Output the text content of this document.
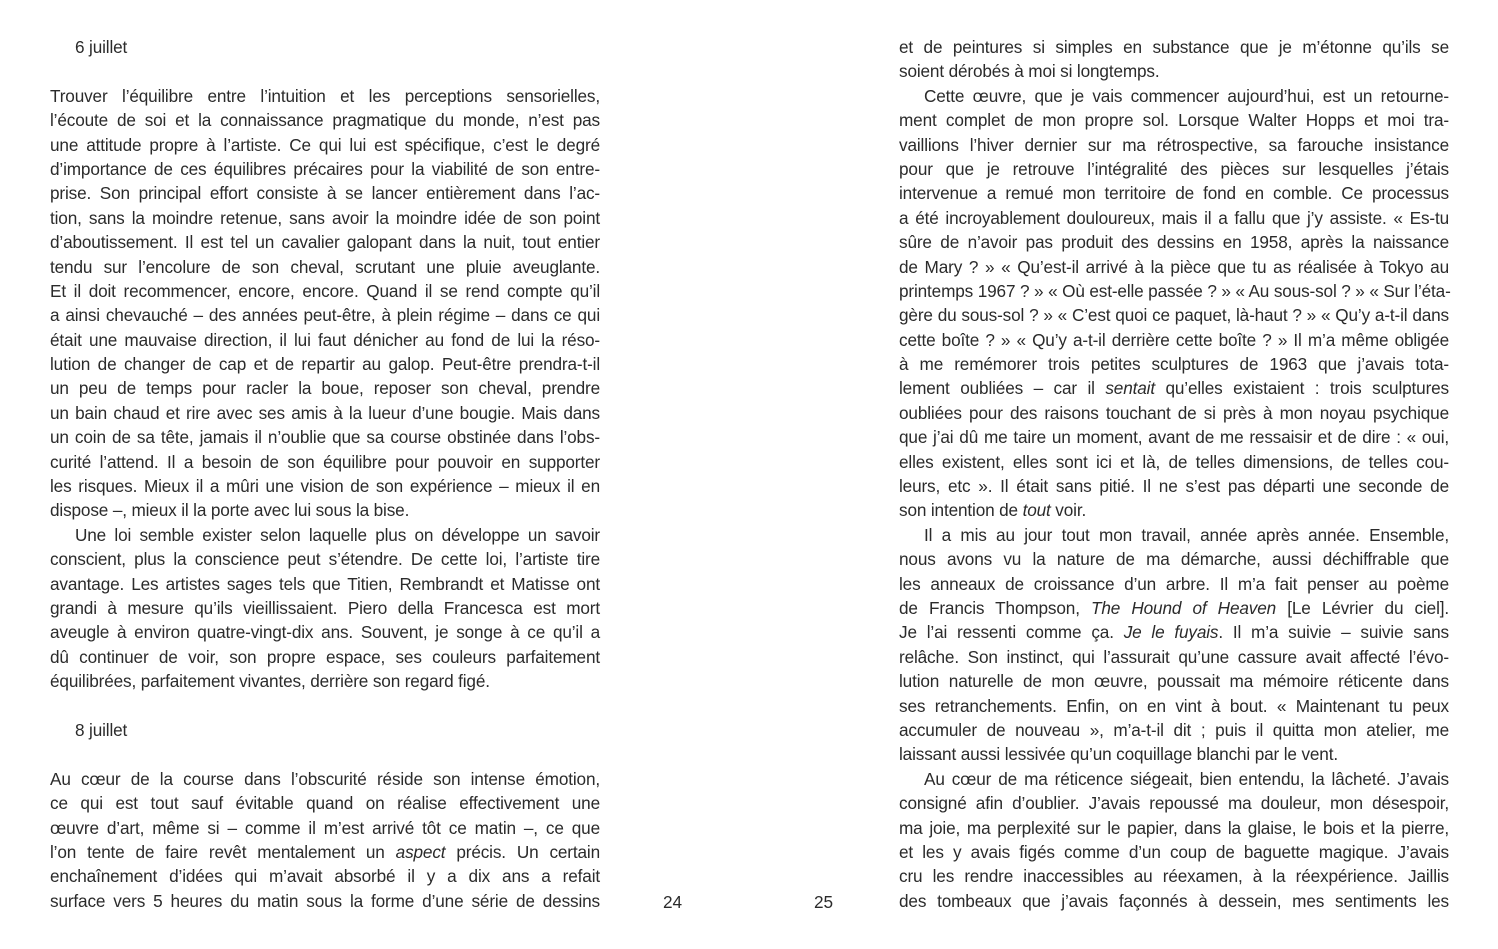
6 juillet
Trouver l’équilibre entre l’intuition et les perceptions sensorielles,
l’écoute de soi et la connaissance pragmatique du monde, n’est pas
une attitude propre à l’artiste. Ce qui lui est spécifique, c’est le degré
d’importance de ces équilibres précaires pour la viabilité de son entre-
prise. Son principal effort consiste à se lancer entièrement dans l’ac-
tion, sans la moindre retenue, sans avoir la moindre idée de son point
d’aboutissement. Il est tel un cavalier galopant dans la nuit, tout entier
tendu sur l’encolure de son cheval, scrutant une pluie aveuglante.
Et il doit recommencer, encore, encore. Quand il se rend compte qu’il
a ainsi chevauché – des années peut-être, à plein régime – dans ce qui
était une mauvaise direction, il lui faut dénicher au fond de lui la réso-
lution de changer de cap et de repartir au galop. Peut-être prendra-t-il
un peu de temps pour racler la boue, reposer son cheval, prendre
un bain chaud et rire avec ses amis à la lueur d’une bougie. Mais dans
un coin de sa tête, jamais il n’oublie que sa course obstinée dans l’obs-
curité l’attend. Il a besoin de son équilibre pour pouvoir en supporter
les risques. Mieux il a mûri une vision de son expérience – mieux il en
dispose –, mieux il la porte avec lui sous la bise.
Une loi semble exister selon laquelle plus on développe un savoir
conscient, plus la conscience peut s’étendre. De cette loi, l’artiste tire
avantage. Les artistes sages tels que Titien, Rembrandt et Matisse ont
grandi à mesure qu’ils vieillissaient. Piero della Francesca est mort
aveugle à environ quatre-vingt-dix ans. Souvent, je songe à ce qu’il a
dû continuer de voir, son propre espace, ses couleurs parfaitement
équilibrées, parfaitement vivantes, derrière son regard figé.
8 juillet
Au cœur de la course dans l’obscurité réside son intense émotion,
ce qui est tout sauf évitable quand on réalise effectivement une
œuvre d’art, même si – comme il m’est arrivé tôt ce matin –, ce que
l’on tente de faire revêt mentalement un aspect précis. Un certain
enchaînement d’idées qui m’avait absorbé il y a dix ans a refait
surface vers 5 heures du matin sous la forme d’une série de dessins
et de peintures si simples en substance que je m’étonne qu’ils se
soient dérobés à moi si longtemps.
Cette œuvre, que je vais commencer aujourd’hui, est un retourne-
ment complet de mon propre sol. Lorsque Walter Hopps et moi tra-
vaillions l’hiver dernier sur ma rétrospective, sa farouche insistance
pour que je retrouve l’intégralité des pièces sur lesquelles j’étais
intervenue a remué mon territoire de fond en comble. Ce processus
a été incroyablement douloureux, mais il a fallu que j’y assiste. « Es-tu
sûre de n’avoir pas produit des dessins en 1958, après la naissance
de Mary ? » « Qu’est-il arrivé à la pièce que tu as réalisée à Tokyo au
printemps 1967 ? » « Où est-elle passée ? » « Au sous-sol ? » « Sur l’éta-
gère du sous-sol ? » « C’est quoi ce paquet, là-haut ? » « Qu’y a-t-il dans
cette boîte ? » « Qu’y a-t-il derrière cette boîte ? » Il m’a même obligée
à me remémorer trois petites sculptures de 1963 que j’avais tota-
lement oubliées – car il sentait qu’elles existaient : trois sculptures
oubliées pour des raisons touchant de si près à mon noyau psychique
que j’ai dû me taire un moment, avant de me ressaisir et de dire : « oui,
elles existent, elles sont ici et là, de telles dimensions, de telles cou-
leurs, etc ». Il était sans pitié. Il ne s’est pas départi une seconde de
son intention de tout voir.
Il a mis au jour tout mon travail, année après année. Ensemble,
nous avons vu la nature de ma démarche, aussi déchiffrable que
les anneaux de croissance d’un arbre. Il m’a fait penser au poème
de Francis Thompson, The Hound of Heaven [Le Lévrier du ciel].
Je l’ai ressenti comme ça. Je le fuyais. Il m’a suivie – suivie sans
relâche. Son instinct, qui l’assurait qu’une cassure avait affecté l’évo-
lution naturelle de mon œuvre, poussait ma mémoire réticente dans
ses retranchements. Enfin, on en vint à bout. « Maintenant tu peux
accumuler de nouveau », m’a-t-il dit ; puis il quitta mon atelier, me
laissant aussi lessivée qu’un coquillage blanchi par le vent.
Au cœur de ma réticence siégeait, bien entendu, la lâcheté. J’avais
consigné afin d’oublier. J’avais repoussé ma douleur, mon désespoir,
ma joie, ma perplexité sur le papier, dans la glaise, le bois et la pierre,
et les y avais figés comme d’un coup de baguette magique. J’avais
cru les rendre inaccessibles au réexamen, à la réexpérience. Jaillis
des tombeaux que j’avais façonnés à dessein, mes sentiments les
24	25
